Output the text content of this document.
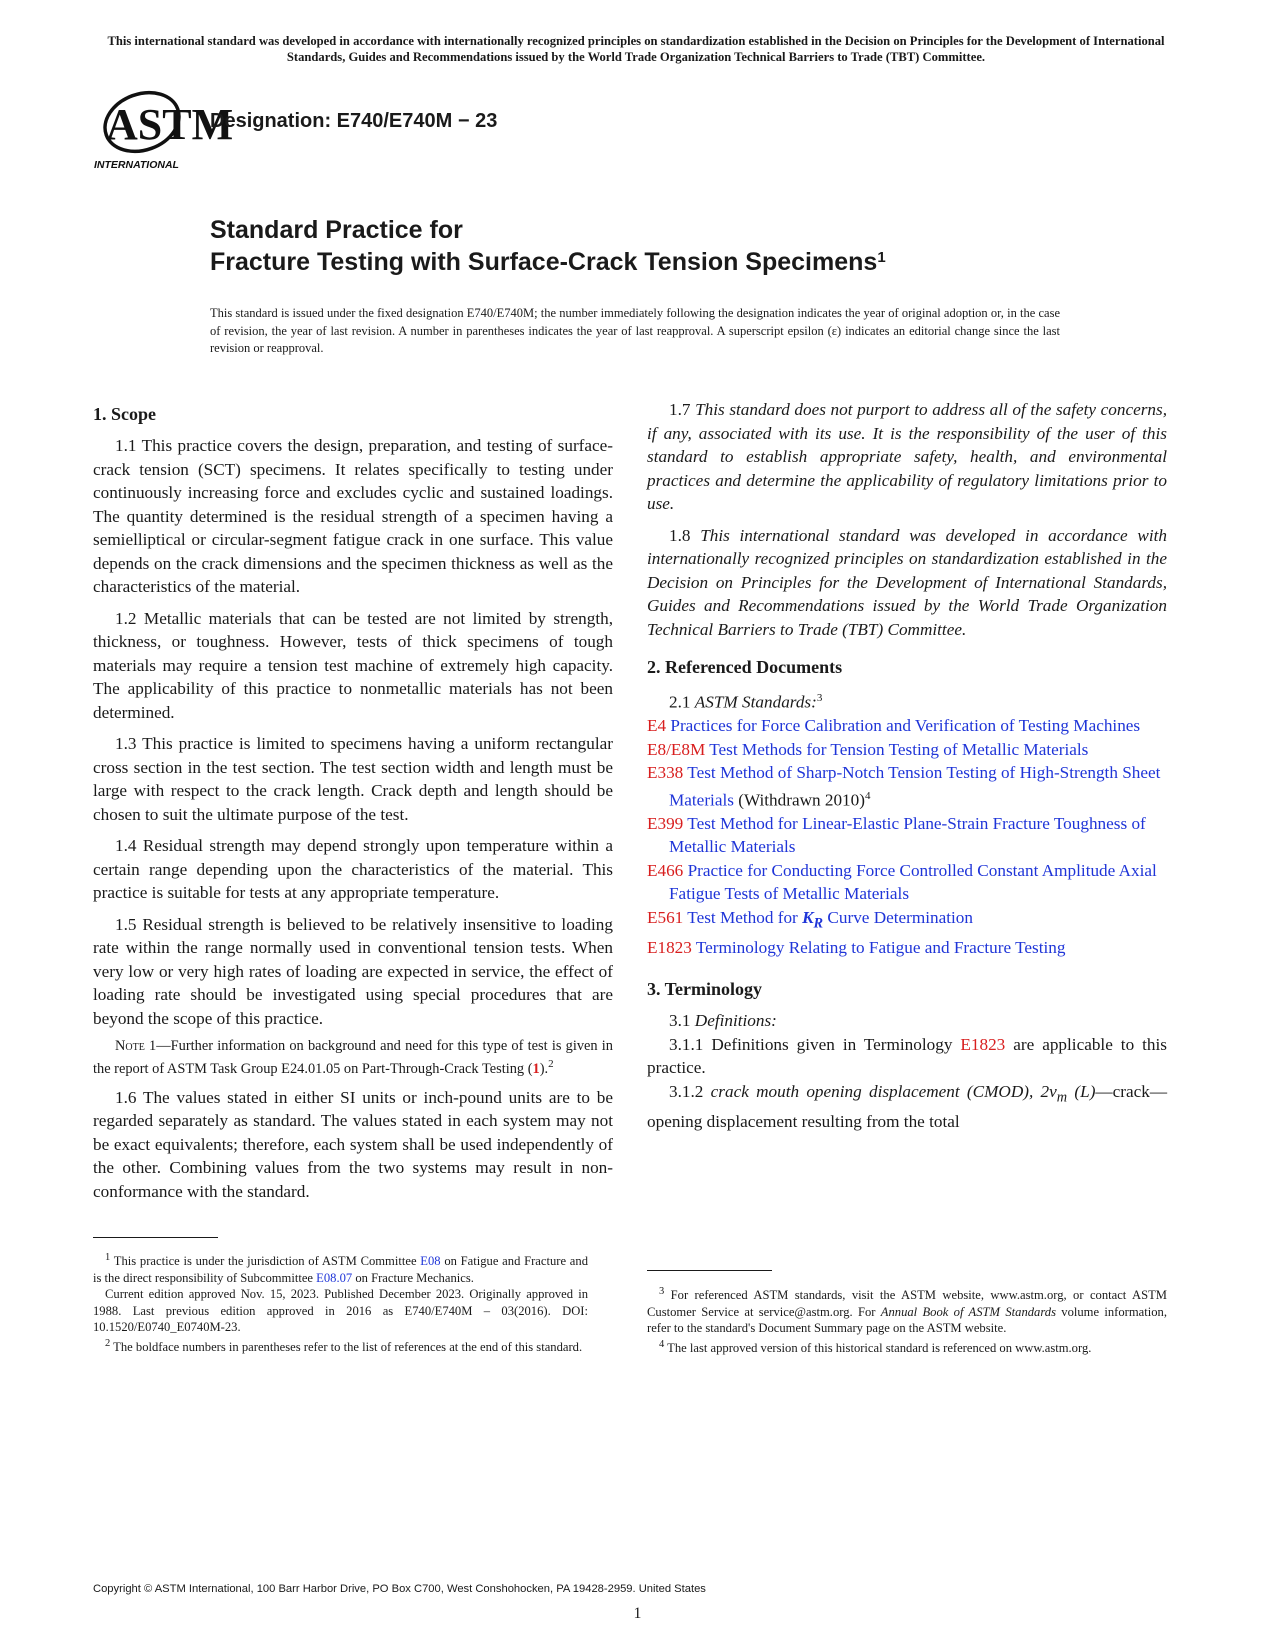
This international standard was developed in accordance with internationally recognized principles on standardization established in the Decision on Principles for the Development of International Standards, Guides and Recommendations issued by the World Trade Organization Technical Barriers to Trade (TBT) Committee.

ASTM
INTERNATIONAL

Designation: E740/E740M − 23

Standard Practice for
Fracture Testing with Surface-Crack Tension Specimens$^1$

This standard is issued under the fixed designation E740/E740M; the number immediately following the designation indicates the year of original adoption or, in the case of revision, the year of last revision. A number in parentheses indicates the year of last reapproval. A superscript epsilon (ε) indicates an editorial change since the last revision or reapproval.

1. Scope

1.1 This practice covers the design, preparation, and testing of surface-crack tension (SCT) specimens. It relates specifically to testing under continuously increasing force and excludes cyclic and sustained loadings. The quantity determined is the residual strength of a specimen having a semielliptical or circular-segment fatigue crack in one surface. This value depends on the crack dimensions and the specimen thickness as well as the characteristics of the material.

1.2 Metallic materials that can be tested are not limited by strength, thickness, or toughness. However, tests of thick specimens of tough materials may require a tension test machine of extremely high capacity. The applicability of this practice to nonmetallic materials has not been determined.

1.3 This practice is limited to specimens having a uniform rectangular cross section in the test section. The test section width and length must be large with respect to the crack length. Crack depth and length should be chosen to suit the ultimate purpose of the test.

1.4 Residual strength may depend strongly upon temperature within a certain range depending upon the characteristics of the material. This practice is suitable for tests at any appropriate temperature.

1.5 Residual strength is believed to be relatively insensitive to loading rate within the range normally used in conventional tension tests. When very low or very high rates of loading are expected in service, the effect of loading rate should be investigated using special procedures that are beyond the scope of this practice.

Note 1—Further information on background and need for this type of test is given in the report of ASTM Task Group E24.01.05 on Part-Through-Crack Testing (1).$^2$

1.6 The values stated in either SI units or inch-pound units are to be regarded separately as standard. The values stated in each system may not be exact equivalents; therefore, each system shall be used independently of the other. Combining values from the two systems may result in non-conformance with the standard.

1.7 This standard does not purport to address all of the safety concerns, if any, associated with its use. It is the responsibility of the user of this standard to establish appropriate safety, health, and environmental practices and determine the applicability of regulatory limitations prior to use.

1.8 This international standard was developed in accordance with internationally recognized principles on standardization established in the Decision on Principles for the Development of International Standards, Guides and Recommendations issued by the World Trade Organization Technical Barriers to Trade (TBT) Committee.

2. Referenced Documents

2.1 ASTM Standards:$^3$

E4 Practices for Force Calibration and Verification of Testing Machines

E8/E8M Test Methods for Tension Testing of Metallic Materials

E338 Test Method of Sharp-Notch Tension Testing of High-Strength Sheet Materials (Withdrawn 2010)$^4$

E399 Test Method for Linear-Elastic Plane-Strain Fracture Toughness of Metallic Materials

E466 Practice for Conducting Force Controlled Constant Amplitude Axial Fatigue Tests of Metallic Materials

E561 Test Method for $K_R$ Curve Determination

E1823 Terminology Relating to Fatigue and Fracture Testing

3. Terminology

3.1 Definitions:

3.1.1 Definitions given in Terminology E1823 are applicable to this practice.

3.1.2 crack mouth opening displacement (CMOD), $2v_m$ (L)—crack—opening displacement resulting from the total

$^1$ This practice is under the jurisdiction of ASTM Committee E08 on Fatigue and Fracture and is the direct responsibility of Subcommittee E08.07 on Fracture Mechanics.

Current edition approved Nov. 15, 2023. Published December 2023. Originally approved in 1988. Last previous edition approved in 2016 as E740/E740M – 03(2016). DOI: 10.1520/E0740_E0740M-23.

$^2$ The boldface numbers in parentheses refer to the list of references at the end of this standard.

$^3$ For referenced ASTM standards, visit the ASTM website, www.astm.org, or contact ASTM Customer Service at service@astm.org. For Annual Book of ASTM Standards volume information, refer to the standard's Document Summary page on the ASTM website.

$^4$ The last approved version of this historical standard is referenced on www.astm.org.

Copyright © ASTM International, 100 Barr Harbor Drive, PO Box C700, West Conshohocken, PA 19428-2959. United States

1
